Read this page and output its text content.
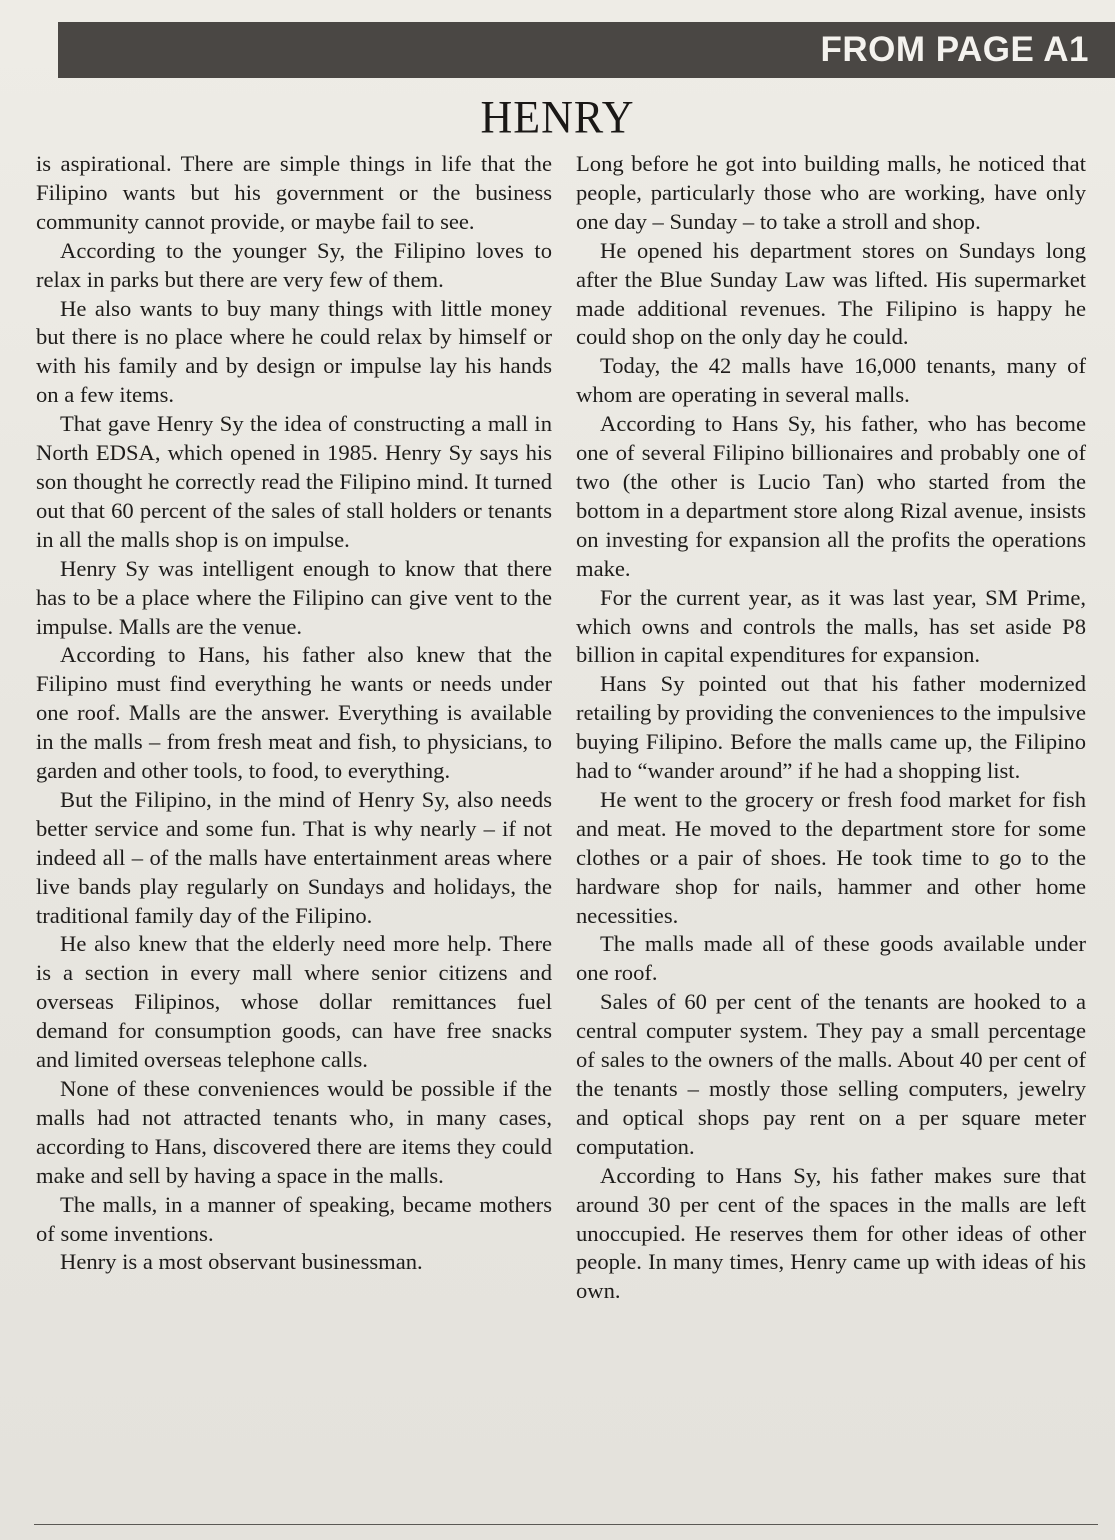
FROM PAGE A1
HENRY

is aspirational. There are simple things in life that the Filipino wants but his government or the business community cannot provide, or maybe fail to see.

According to the younger Sy, the Filipino loves to relax in parks but there are very few of them.

He also wants to buy many things with little money but there is no place where he could relax by himself or with his family and by design or impulse lay his hands on a few items.

That gave Henry Sy the idea of constructing a mall in North EDSA, which opened in 1985. Henry Sy says his son thought he correctly read the Filipino mind. It turned out that 60 percent of the sales of stall holders or tenants in all the malls shop is on impulse.

Henry Sy was intelligent enough to know that there has to be a place where the Filipino can give vent to the impulse. Malls are the venue.

According to Hans, his father also knew that the Filipino must find everything he wants or needs under one roof. Malls are the answer. Everything is available in the malls – from fresh meat and fish, to physicians, to garden and other tools, to food, to everything.

But the Filipino, in the mind of Henry Sy, also needs better service and some fun. That is why nearly – if not indeed all – of the malls have entertainment areas where live bands play regularly on Sundays and holidays, the traditional family day of the Filipino.

He also knew that the elderly need more help. There is a section in every mall where senior citizens and overseas Filipinos, whose dollar remittances fuel demand for consumption goods, can have free snacks and limited overseas telephone calls.

None of these conveniences would be possible if the malls had not attracted tenants who, in many cases, according to Hans, discovered there are items they could make and sell by having a space in the malls.

The malls, in a manner of speaking, became mothers of some inventions.

Henry is a most observant businessman.

Long before he got into building malls, he noticed that people, particularly those who are working, have only one day – Sunday – to take a stroll and shop.

He opened his department stores on Sundays long after the Blue Sunday Law was lifted. His supermarket made additional revenues. The Filipino is happy he could shop on the only day he could.

Today, the 42 malls have 16,000 tenants, many of whom are operating in several malls.

According to Hans Sy, his father, who has become one of several Filipino billionaires and probably one of two (the other is Lucio Tan) who started from the bottom in a department store along Rizal avenue, insists on investing for expansion all the profits the operations make.

For the current year, as it was last year, SM Prime, which owns and controls the malls, has set aside P8 billion in capital expenditures for expansion.

Hans Sy pointed out that his father modernized retailing by providing the conveniences to the impulsive buying Filipino. Before the malls came up, the Filipino had to “wander around” if he had a shopping list.

He went to the grocery or fresh food market for fish and meat. He moved to the department store for some clothes or a pair of shoes. He took time to go to the hardware shop for nails, hammer and other home necessities.

The malls made all of these goods available under one roof.

Sales of 60 per cent of the tenants are hooked to a central computer system. They pay a small percentage of sales to the owners of the malls. About 40 per cent of the tenants – mostly those selling computers, jewelry and optical shops pay rent on a per square meter computation.

According to Hans Sy, his father makes sure that around 30 per cent of the spaces in the malls are left unoccupied. He reserves them for other ideas of other people. In many times, Henry came up with ideas of his own.
